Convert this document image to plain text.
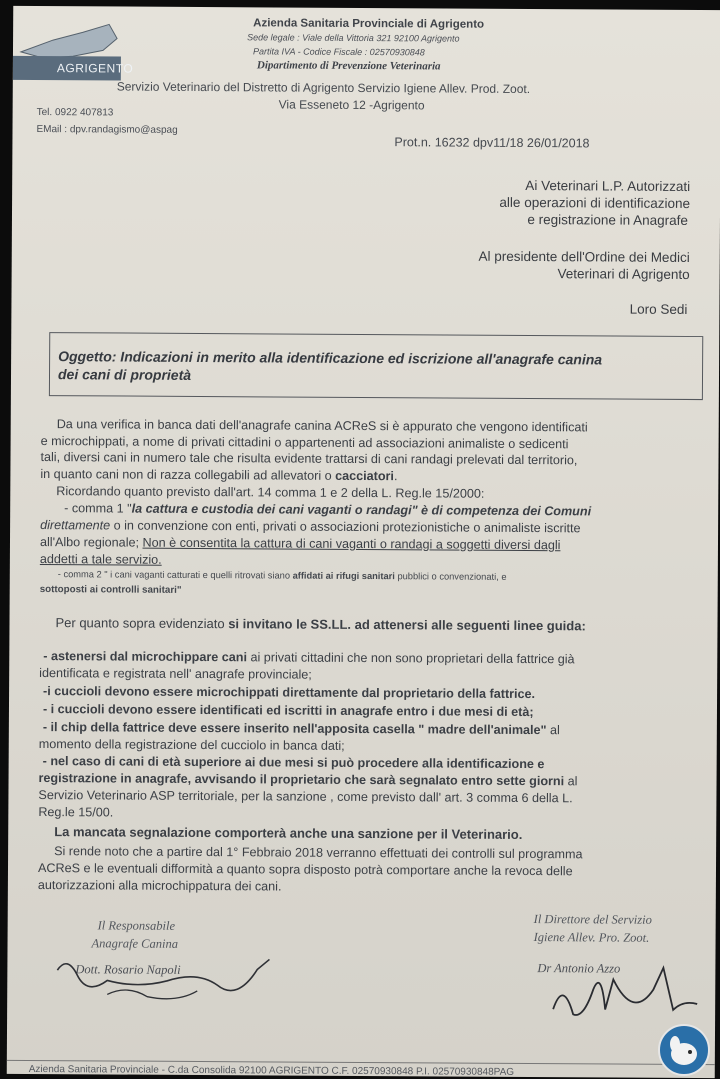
AGRIGENTO
Azienda Sanitaria Provinciale di Agrigento
Sede legale : Viale della Vittoria 321 92100 Agrigento
Partita IVA - Codice Fiscale : 02570930848
Dipartimento di Prevenzione Veterinaria
Servizio Veterinario del Distretto di Agrigento Servizio Igiene Allev. Prod. Zoot.
Via Esseneto 12 -Agrigento
Tel. 0922 407813
EMail : dpv.randagismo@aspag
Prot.n. 16232 dpv11/18 26/01/2018
Ai Veterinari L.P. Autorizzati
alle operazioni di identificazione
e registrazione in Anagrafe
Al presidente dell'Ordine dei Medici
Veterinari di Agrigento
Loro Sedi
Oggetto: Indicazioni in merito alla identificazione ed iscrizione all'anagrafe canina
dei cani di proprietà
Da una verifica in banca dati dell'anagrafe canina ACReS si è appurato che vengono identificati
e microchippati, a nome di privati cittadini o appartenenti ad associazioni animaliste o sedicenti
tali, diversi cani in numero tale che risulta evidente trattarsi di cani randagi prelevati dal territorio,
in quanto cani non di razza collegabili ad allevatori o cacciatori.
Ricordando quanto previsto dall'art. 14 comma 1 e 2 della L. Reg.le 15/2000:
- comma 1 "la cattura e custodia dei cani vaganti o randagi" è di competenza dei Comuni
direttamente o in convenzione con enti, privati o associazioni protezionistiche o animaliste iscritte
all'Albo regionale; Non è consentita la cattura di cani vaganti o randagi a soggetti diversi dagli
addetti a tale servizio.
- comma 2 " i cani vaganti catturati e quelli ritrovati siano affidati ai rifugi sanitari pubblici o convenzionati, e
sottoposti ai controlli sanitari"
Per quanto sopra evidenziato si invitano le SS.LL. ad attenersi alle seguenti linee guida:
- astenersi dal microchippare cani ai privati cittadini che non sono proprietari della fattrice già
identificata e registrata nell' anagrafe provinciale;
-i cuccioli devono essere microchippati direttamente dal proprietario della fattrice.
- i cuccioli devono essere identificati ed iscritti in anagrafe entro i due mesi di età;
- il chip della fattrice deve essere inserito nell'apposita casella " madre dell'animale" al
momento della registrazione del cucciolo in banca dati;
- nel caso di cani di età superiore ai due mesi si può procedere alla identificazione e
registrazione in anagrafe, avvisando il proprietario che sarà segnalato entro sette giorni al
Servizio Veterinario ASP territoriale, per la sanzione , come previsto dall' art. 3 comma 6 della L.
Reg.le 15/00.
La mancata segnalazione comporterà anche una sanzione per il Veterinario.
Si rende noto che a partire dal 1° Febbraio 2018 verranno effettuati dei controlli sul programma
ACReS e le eventuali difformità a quanto sopra disposto potrà comportare anche la revoca delle
autorizzazioni alla microchippatura dei cani.
Il Responsabile
Anagrafe Canina
Dott. Rosario Napoli
Il Direttore del Servizio
Igiene Allev. Pro. Zoot.
Dr Antonio Azzo
Azienda Sanitaria Provinciale - C.da Consolida 92100 AGRIGENTO C.F. 02570930848 P.I. 02570930848PAG
